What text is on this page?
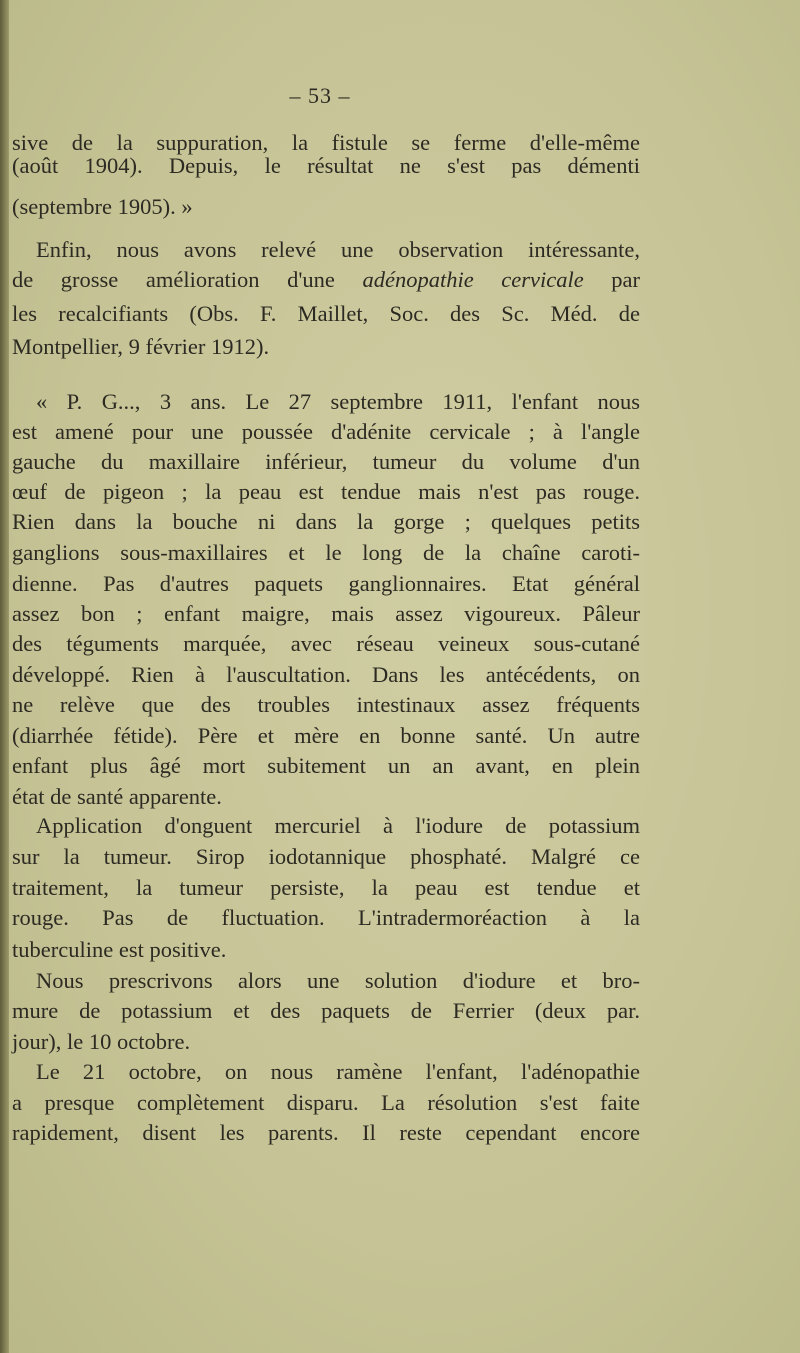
– 53 –
sive de la suppuration, la fistule se ferme d'elle-même
(août 1904). Depuis, le résultat ne s'est pas démenti
(septembre 1905). »
Enfin, nous avons relevé une observation intéressante,
de grosse amélioration d'une adénopathie cervicale par
les recalcifiants (Obs. F. Maillet, Soc. des Sc. Méd. de
Montpellier, 9 février 1912).
« P. G..., 3 ans. Le 27 septembre 1911, l'enfant nous
est amené pour une poussée d'adénite cervicale ; à l'angle
gauche du maxillaire inférieur, tumeur du volume d'un
œuf de pigeon ; la peau est tendue mais n'est pas rouge.
Rien dans la bouche ni dans la gorge ; quelques petits
ganglions sous-maxillaires et le long de la chaîne caroti-
dienne. Pas d'autres paquets ganglionnaires. Etat général
assez bon ; enfant maigre, mais assez vigoureux. Pâleur
des téguments marquée, avec réseau veineux sous-cutané
développé. Rien à l'auscultation. Dans les antécédents, on
ne relève que des troubles intestinaux assez fréquents
(diarrhée fétide). Père et mère en bonne santé. Un autre
enfant plus âgé mort subitement un an avant, en plein
état de santé apparente.
Application d'onguent mercuriel à l'iodure de potassium
sur la tumeur. Sirop iodotannique phosphaté. Malgré ce
traitement, la tumeur persiste, la peau est tendue et
rouge. Pas de fluctuation. L'intradermoréaction à la
tuberculine est positive.
Nous prescrivons alors une solution d'iodure et bro-
mure de potassium et des paquets de Ferrier (deux par.
jour), le 10 octobre.
Le 21 octobre, on nous ramène l'enfant, l'adénopathie
a presque complètement disparu. La résolution s'est faite
rapidement, disent les parents. Il reste cependant encore
